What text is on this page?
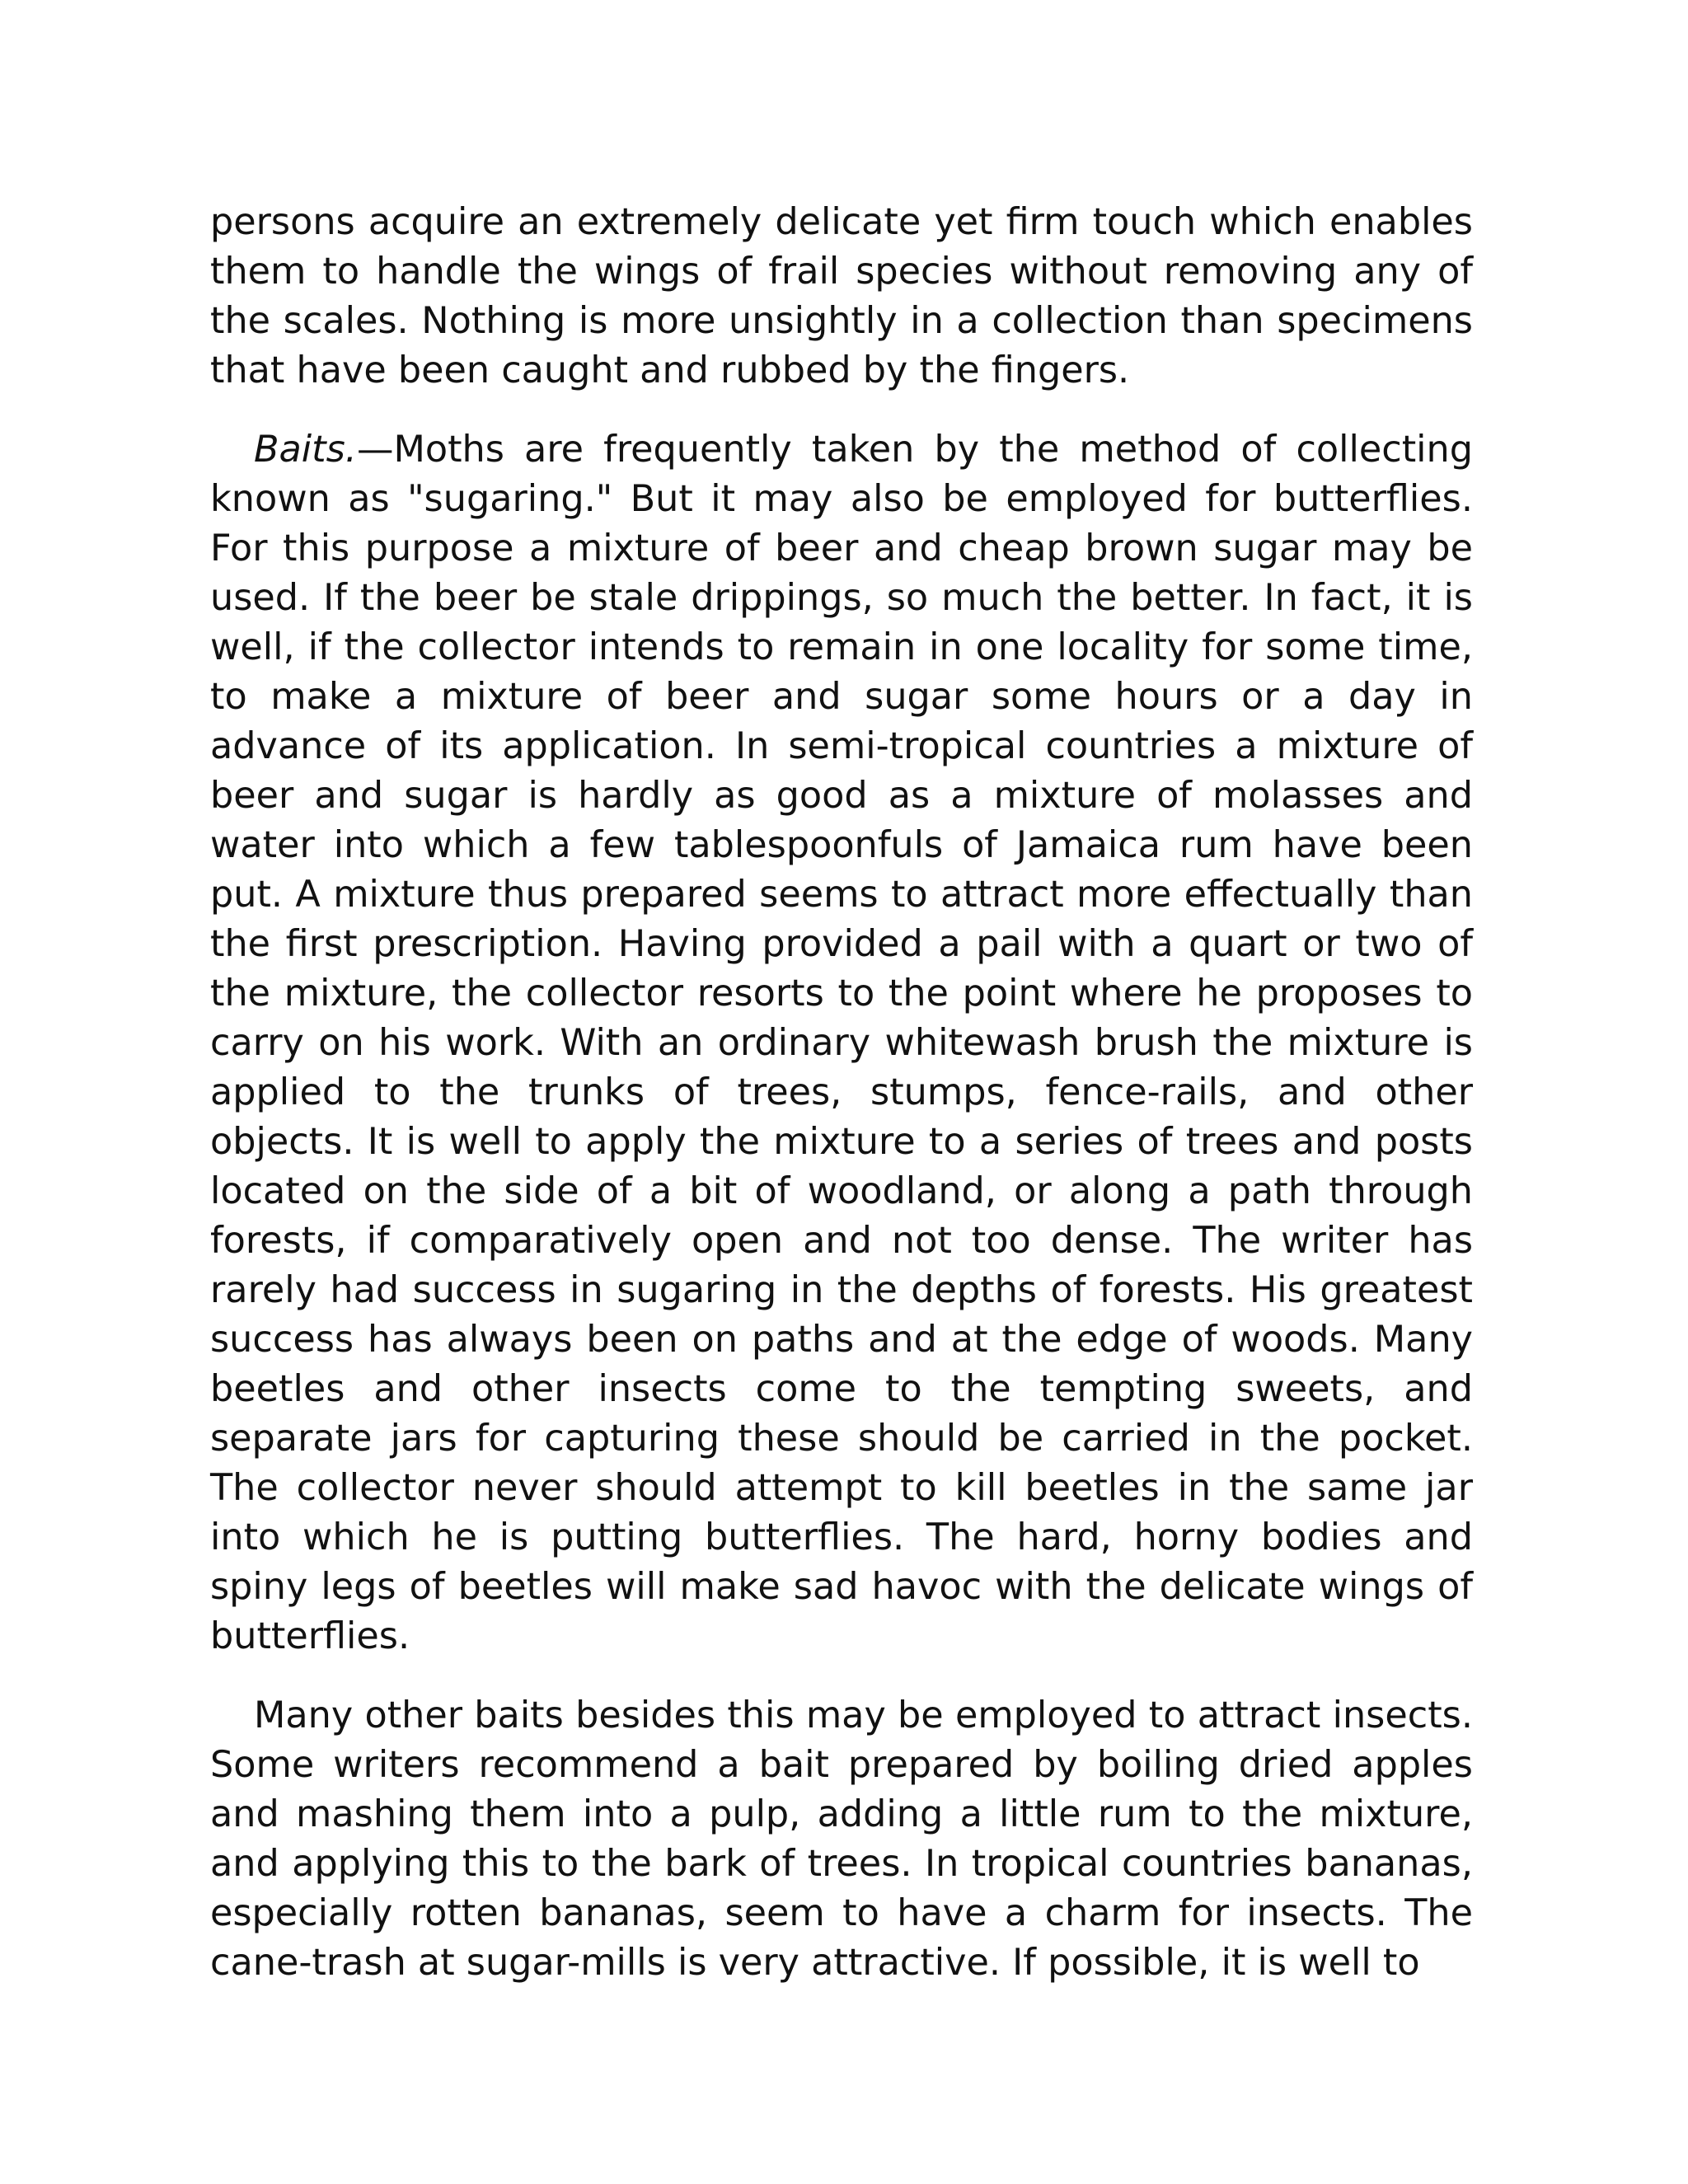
persons acquire an extremely delicate yet firm touch which enables them to handle the wings of frail species without removing any of the scales. Nothing is more unsightly in a collection than specimens that have been caught and rubbed by the fingers.

Baits.—Moths are frequently taken by the method of collecting known as "sugaring." But it may also be employed for butterflies. For this purpose a mixture of beer and cheap brown sugar may be used. If the beer be stale drippings, so much the better. In fact, it is well, if the collector intends to remain in one locality for some time, to make a mixture of beer and sugar some hours or a day in advance of its application. In semi-tropical countries a mixture of beer and sugar is hardly as good as a mixture of molasses and water into which a few tablespoonfuls of Jamaica rum have been put. A mixture thus prepared seems to attract more effectually than the first prescription. Having provided a pail with a quart or two of the mixture, the collector resorts to the point where he proposes to carry on his work. With an ordinary whitewash brush the mixture is applied to the trunks of trees, stumps, fence-rails, and other objects. It is well to apply the mixture to a series of trees and posts located on the side of a bit of woodland, or along a path through forests, if comparatively open and not too dense. The writer has rarely had success in sugaring in the depths of forests. His greatest success has always been on paths and at the edge of woods. Many beetles and other insects come to the tempting sweets, and separate jars for capturing these should be carried in the pocket. The collector never should attempt to kill beetles in the same jar into which he is putting butterflies. The hard, horny bodies and spiny legs of beetles will make sad havoc with the delicate wings of butterflies.

Many other baits besides this may be employed to attract insects. Some writers recommend a bait prepared by boiling dried apples and mashing them into a pulp, adding a little rum to the mixture, and applying this to the bark of trees. In tropical countries bananas, especially rotten bananas, seem to have a charm for insects. The cane-trash at sugar-mills is very attractive. If possible, it is well to
